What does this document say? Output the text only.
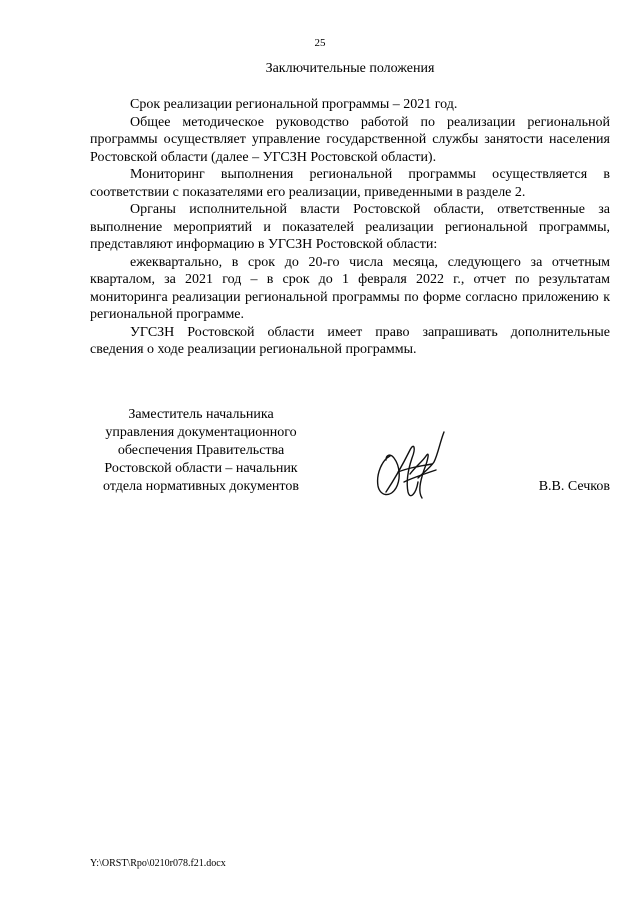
25
Заключительные положения

Срок реализации региональной программы – 2021 год.

Общее методическое руководство работой по реализации региональной программы осуществляет управление государственной службы занятости населения Ростовской области (далее – УГСЗН Ростовской области).

Мониторинг выполнения региональной программы осуществляется в соответствии с показателями его реализации, приведенными в разделе 2.

Органы исполнительной власти Ростовской области, ответственные за выполнение мероприятий и показателей реализации региональной программы, представляют информацию в УГСЗН Ростовской области:

ежеквартально, в срок до 20-го числа месяца, следующего за отчетным кварталом, за 2021 год – в срок до 1 февраля 2022 г., отчет по результатам мониторинга реализации региональной программы по форме согласно приложению к региональной программе.

УГСЗН Ростовской области имеет право запрашивать дополнительные сведения о ходе реализации региональной программы.

Заместитель начальника
управления документационного
обеспечения Правительства
Ростовской области – начальник
отдела нормативных документов	В.В. Сечков
Y:\ORST\Rpo\0210r078.f21.docx
